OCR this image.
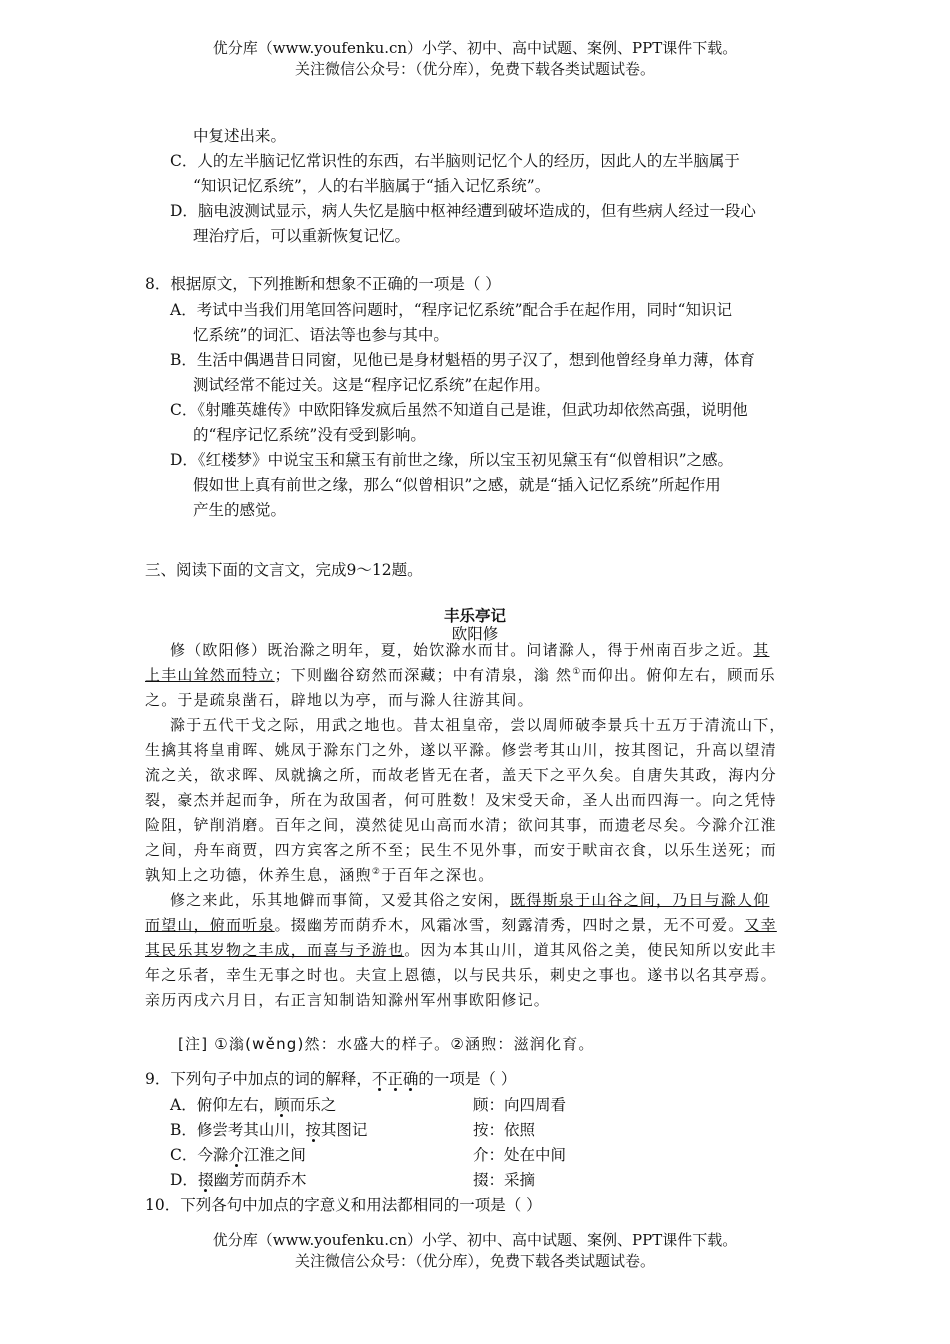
优分库（www.youfenku.cn）小学、初中、高中试题、案例、PPT课件下载。
关注微信公众号：（优分库），免费下载各类试题试卷。
中复述出来。
C．人的左半脑记忆常识性的东西，右半脑则记忆个人的经历，因此人的左半脑属于
“知识记忆系统”，人的右半脑属于“插入记忆系统”。
D．脑电波测试显示，病人失忆是脑中枢神经遭到破坏造成的，但有些病人经过一段心
理治疗后，可以重新恢复记忆。
8．根据原文，下列推断和想象不正确的一项是（ ）
A．考试中当我们用笔回答问题时，“程序记忆系统”配合手在起作用，同时“知识记
忆系统”的词汇、语法等也参与其中。
B．生活中偶遇昔日同窗，见他已是身材魁梧的男子汉了，想到他曾经身单力薄，体育
测试经常不能过关。这是“程序记忆系统”在起作用。
C．《射雕英雄传》中欧阳锋发疯后虽然不知道自己是谁，但武功却依然高强，说明他
的“程序记忆系统”没有受到影响。
D．《红楼梦》中说宝玉和黛玉有前世之缘，所以宝玉初见黛玉有“似曾相识”之感。
假如世上真有前世之缘，那么“似曾相识”之感，就是“插入记忆系统”所起作用
产生的感觉。
三、阅读下面的文言文，完成9～12题。
丰乐亭记
欧阳修
修（欧阳修）既治滁之明年，夏，始饮滁水而甘。问诸滁人，得于州南百步之近。其
上丰山耸然而特立；下则幽谷窈然而深藏；中有清泉，滃 然①而仰出。俯仰左右，顾而乐
之。于是疏泉凿石，辟地以为亭，而与滁人往游其间。
滁于五代干戈之际，用武之地也。昔太祖皇帝，尝以周师破李景兵十五万于清流山下，
生擒其将皇甫晖、姚凤于滁东门之外，遂以平滁。修尝考其山川，按其图记，升高以望清
流之关，欲求晖、凤就擒之所，而故老皆无在者，盖天下之平久矣。自唐失其政，海内分
裂，豪杰并起而争，所在为敌国者，何可胜数！及宋受天命，圣人出而四海一。向之凭恃
险阻，铲削消磨。百年之间，漠然徒见山高而水清；欲问其事，而遗老尽矣。今滁介江淮
之间，舟车商贾，四方宾客之所不至；民生不见外事，而安于畎亩衣食，以乐生送死；而
孰知上之功德，休养生息，涵煦②于百年之深也。
修之来此，乐其地僻而事简，又爱其俗之安闲，既得斯泉于山谷之间，乃日与滁人仰
而望山，俯而听泉。掇幽芳而荫乔木，风霜冰雪，刻露清秀，四时之景，无不可爱。又幸
其民乐其岁物之丰成，而喜与予游也。因为本其山川，道其风俗之美，使民知所以安此丰
年之乐者，幸生无事之时也。夫宣上恩德，以与民共乐，刺史之事也。遂书以名其亭焉。
亲历丙戌六月日，右正言知制诰知滁州军州事欧阳修记。
[注] ①滃(wěng)然：水盛大的样子。②涵煦：滋润化育。
9．下列句子中加点的词的解释，不正确的一项是（ ）
A．俯仰左右，顾而乐之	顾：向四周看
B．修尝考其山川，按其图记	按：依照
C．今滁介江淮之间	介：处在中间
D．掇幽芳而荫乔木	掇：采摘
10．下列各句中加点的字意义和用法都相同的一项是（ ）
优分库（www.youfenku.cn）小学、初中、高中试题、案例、PPT课件下载。
关注微信公众号：（优分库），免费下载各类试题试卷。
